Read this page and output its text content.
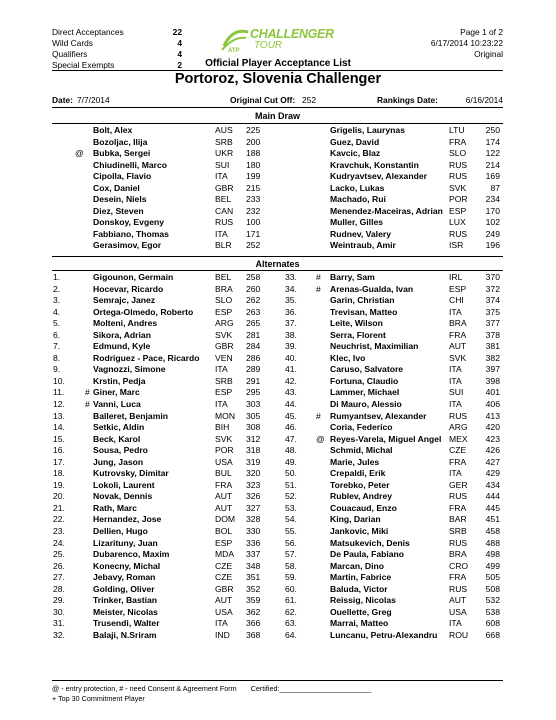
Direct Acceptances	22
Wild Cards	4
Qualifiers	4
Special Exempts	2
ATP
CHALLENGER
TOUR
Page 1 of 2
6/17/2014 10:23:22
Original
Official Player Acceptance List
Portoroz, Slovenia Challenger
Date: 7/7/2014	Original Cut Off: 252	Rankings Date:	6/16/2014
Main Draw
Bolt, Alex	AUS 225	Grigelis, Laurynas	LTU 250
Bozoljac, Ilija	SRB 200	Guez, David	FRA 174
@ Bubka, Sergei	UKR 188	Kavcic, Blaz	SLO 122
Chiudinelli, Marco	SUI 180	Kravchuk, Konstantin	RUS 214
Cipolla, Flavio	ITA 199	Kudryavtsev, Alexander	RUS 169
Cox, Daniel	GBR 215	Lacko, Lukas	SVK	87
Desein, Niels	BEL 233	Machado, Rui	POR 234
Diez, Steven	CAN 232	Menendez-Maceiras, Adrian ESP 170
Donskoy, Evgeny	RUS 100	Muller, Gilles	LUX 102
Fabbiano, Thomas	ITA 171	Rudnev, Valery	RUS 249
Gerasimov, Egor	BLR 252	Weintraub, Amir	ISR	196
Alternates
1.	Gigounon, Germain	BEL 258	33. # Barry, Sam	IRL	370
2.	Hocevar, Ricardo	BRA 260	34. # Arenas-Gualda, Ivan	ESP 372
3.	Semrajc, Janez	SLO 262	35.	Garin, Christian	CHI	374
4.	Ortega-Olmedo, Roberto	ESP 263	36.	Trevisan, Matteo	ITA	375
5.	Molteni, Andres	ARG 265	37.	Leite, Wilson	BRA 377
6.	Sikora, Adrian	SVK 281	38.	Serra, Florent	FRA 378
7.	Edmund, Kyle	GBR 284	39.	Neuchrist, Maximilian	AUT 381
8.	Rodriguez - Pace, Ricardo VEN 286	40.	Klec, Ivo	SVK 382
9.	Vagnozzi, Simone	ITA 289	41.	Caruso, Salvatore	ITA	397
10.	Krstin, Pedja	SRB 291	42.	Fortuna, Claudio	ITA	398
11. # Giner, Marc	ESP 295	43.	Lammer, Michael	SUI	401
12. # Vanni, Luca	ITA 303	44.	Di Mauro, Alessio	ITA	406
13.	Balleret, Benjamin	MON 305	45. # Rumyantsev, Alexander	RUS 413
14.	Setkic, Aldin	BIH 308	46.	Coria, Federico	ARG 420
15.	Beck, Karol	SVK 312	47. @ Reyes-Varela, Miguel Angel MEX 423
16.	Sousa, Pedro	POR 318	48.	Schmid, Michal	CZE 426
17.	Jung, Jason	USA 319	49.	Marie, Jules	FRA 427
18.	Kutrovsky, Dimitar	BUL 320	50.	Crepaldi, Erik	ITA	429
19.	Lokoli, Laurent	FRA 323	51.	Torebko, Peter	GER 434
20.	Novak, Dennis	AUT 326	52.	Rublev, Andrey	RUS 444
21.	Rath, Marc	AUT 327	53.	Couacaud, Enzo	FRA 445
22.	Hernandez, Jose	DOM 328	54.	King, Darian	BAR 451
23.	Dellien, Hugo	BOL 330	55.	Jankovic, Miki	SRB 458
24.	Lizarituny, Juan	ESP 336	56.	Matsukevich, Denis	RUS 488
25.	Dubarenco, Maxim	MDA 337	57.	De Paula, Fabiano	BRA 498
26.	Konecny, Michal	CZE 348	58.	Marcan, Dino	CRO 499
27.	Jebavy, Roman	CZE 351	59.	Martin, Fabrice	FRA 505
28.	Golding, Oliver	GBR 352	60.	Baluda, Victor	RUS 508
29.	Trinker, Bastian	AUT 359	61.	Reissig, Nicolas	AUT 532
30.	Meister, Nicolas	USA 362	62.	Ouellette, Greg	USA 538
31.	Trusendi, Walter	ITA 366	63.	Marrai, Matteo	ITA	608
32.	Balaji, N.Sriram	IND 368	64.	Luncanu, Petru-Alexandru ROU 668
@ - entry protection, # - need Consent & Agreement Form Certified:_______________________
+ Top 30 Commitment Player
